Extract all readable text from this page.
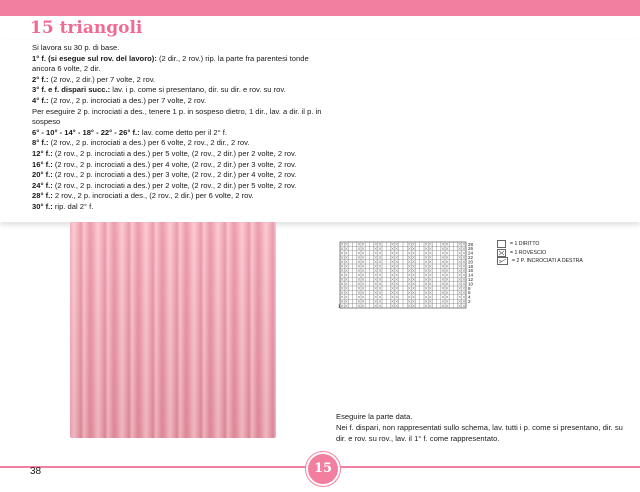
15 triangoli

Si lavora su 30 p. di base.

1° f. (si esegue sul rov. del lavoro): (2 dir., 2 rov.) rip. la parte fra parentesi tonde ancora 6 volte, 2 dir.

2° f.: (2 rov., 2 dir.) per 7 volte, 2 rov.

3° f. e f. dispari succ.: lav. i p. come si presentano, dir. su dir. e rov. su rov.

4° f.: (2 rov., 2 p. incrociati a des.) per 7 volte, 2 rov.

Per eseguire 2 p. incrociati a des., tenere 1 p. in sospeso dietro, 1 dir., lav. a dir. il p. in sospeso

6° - 10° - 14° - 18° - 22° - 26° f.: lav. come detto per il 2° f.

8° f.: (2 rov., 2 p. incrociati a des.) per 6 volte, 2 rov., 2 dir., 2 rov.

12° f.: (2 rov., 2 p. incrociati a des.) per 5 volte, (2 rov., 2 dir.) per 2 volte, 2 rov.

16° f.: (2 rov., 2 p. incrociati a des.) per 4 volte, (2 rov., 2 dir.) per 3 volte, 2 rov.

20° f.: (2 rov., 2 p. incrociati a des.) per 3 volte, (2 rov., 2 dir.) per 4 volte, 2 rov.

24° f.: (2 rov., 2 p. incrociati a des.) per 2 volte, (2 rov., 2 dir.) per 5 volte, 2 rov.

28° f.: 2 rov., 2 p. incrociati a des., (2 rov., 2 dir.) per 6 volte, 2 rov.

30° f.: rip. dal 2° f.

28
26
24
22
20
18
16
14
12
10
8
6
4
2
1
= 1 DIRITTO
= 1 ROVESCIO
= 2 P. INCROCIATI A DESTRA

Eseguire la parte data.

Nei f. dispari, non rappresentati sullo schema, lav. tutti i p. come si presentano, dir. su dir. e rov. su rov., lav. il 1° f. come rappresentato.

38	15
